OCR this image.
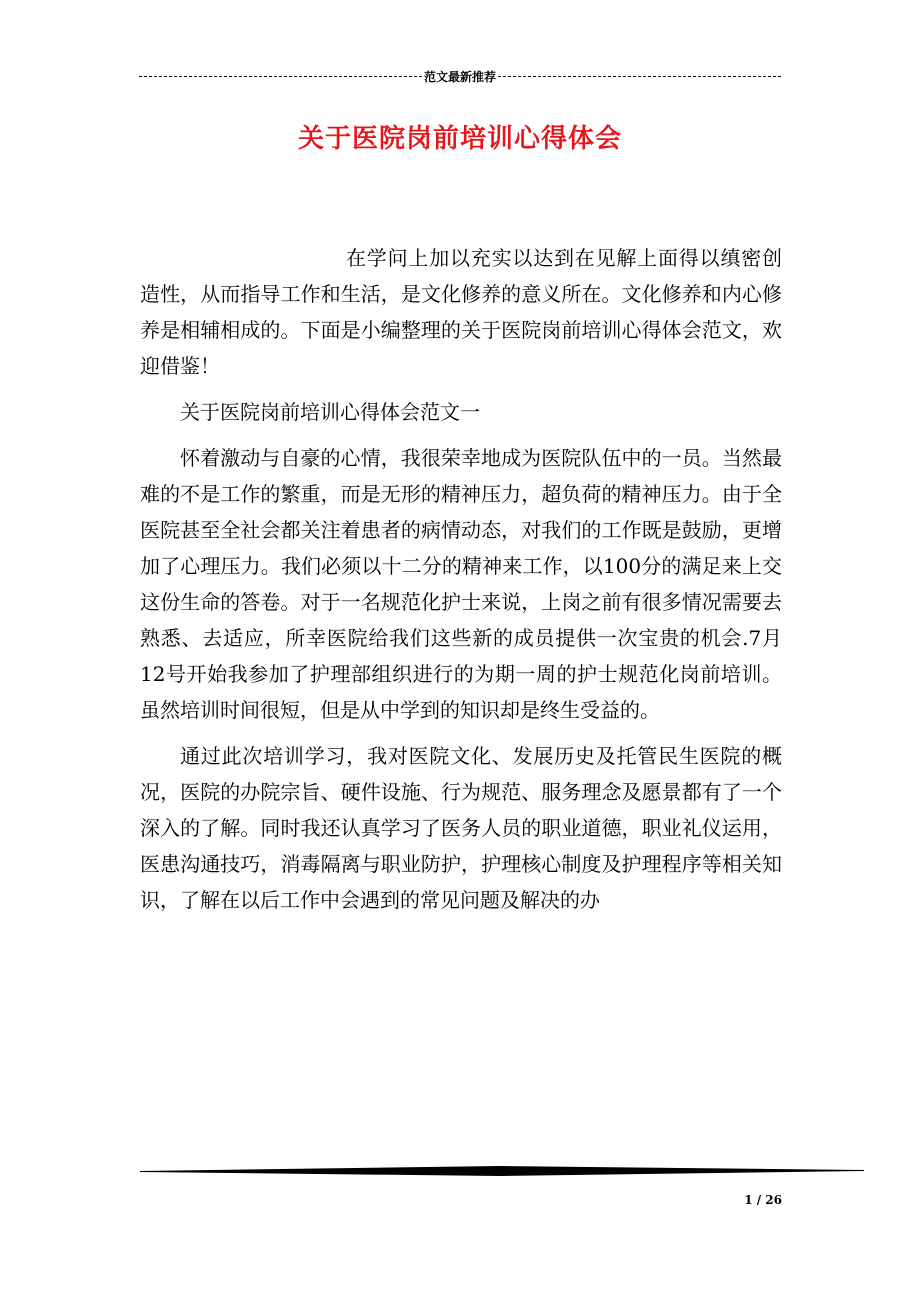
范文最新推荐
关于医院岗前培训心得体会

在学问上加以充实以达到在见解上面得以缜密创造性，从而指导工作和生活，是文化修养的意义所在。文化修养和内心修养是相辅相成的。下面是小编整理的关于医院岗前培训心得体会范文，欢迎借鉴！

关于医院岗前培训心得体会范文一

怀着激动与自豪的心情，我很荣幸地成为医院队伍中的一员。当然最难的不是工作的繁重，而是无形的精神压力，超负荷的精神压力。由于全医院甚至全社会都关注着患者的病情动态，对我们的工作既是鼓励，更增加了心理压力。我们必须以十二分的精神来工作，以100分的满足来上交这份生命的答卷。对于一名规范化护士来说，上岗之前有很多情况需要去熟悉、去适应，所幸医院给我们这些新的成员提供一次宝贵的机会.7月12号开始我参加了护理部组织进行的为期一周的护士规范化岗前培训。虽然培训时间很短，但是从中学到的知识却是终生受益的。

通过此次培训学习，我对医院文化、发展历史及托管民生医院的概况，医院的办院宗旨、硬件设施、行为规范、服务理念及愿景都有了一个深入的了解。同时我还认真学习了医务人员的职业道德，职业礼仪运用，医患沟通技巧，消毒隔离与职业防护，护理核心制度及护理程序等相关知识，了解在以后工作中会遇到的常见问题及解决的办

1 / 26
